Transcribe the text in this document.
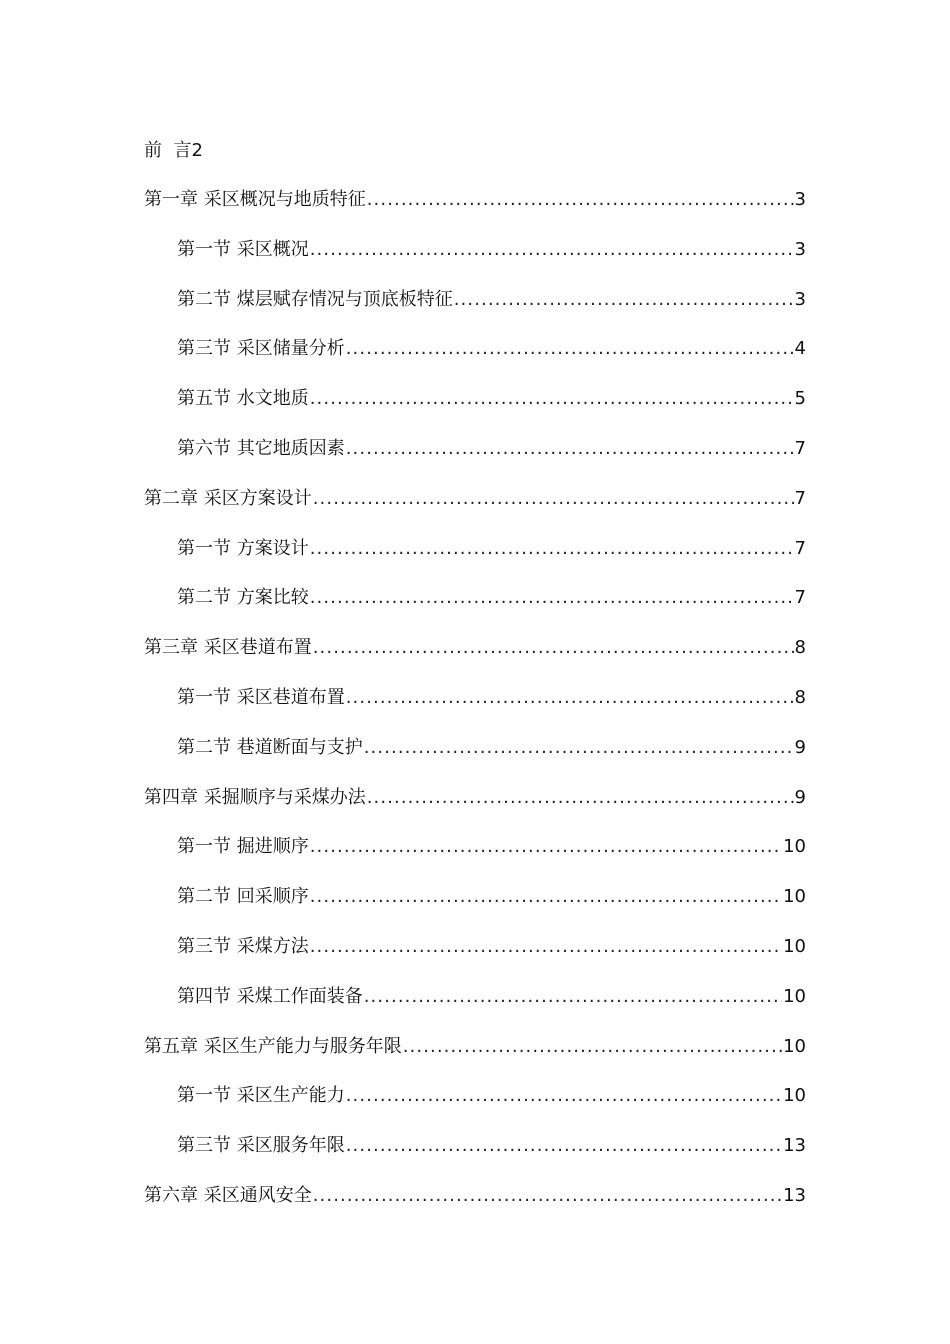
前  言2
第一章 采区概况与地质特征 .....	3
第一节 采区概况 .....	3
第二节 煤层赋存情况与顶底板特征 .....	3
第三节 采区储量分析 .....	4
第五节 水文地质 .....	5
第六节 其它地质因素 .....	7
第二章 采区方案设计 .....	7
第一节 方案设计 .....	7
第二节 方案比较 .....	7
第三章 采区巷道布置 .....	8
第一节 采区巷道布置 .....	8
第二节 巷道断面与支护 .....	9
第四章 采掘顺序与采煤办法 .....	9
第一节 掘进顺序 .....	10
第二节 回采顺序 .....	10
第三节 采煤方法 .....	10
第四节 采煤工作面装备 .....	10
第五章 采区生产能力与服务年限 .....	10
第一节 采区生产能力 .....	10
第三节 采区服务年限 .....	13
第六章 采区通风安全 .....	13
